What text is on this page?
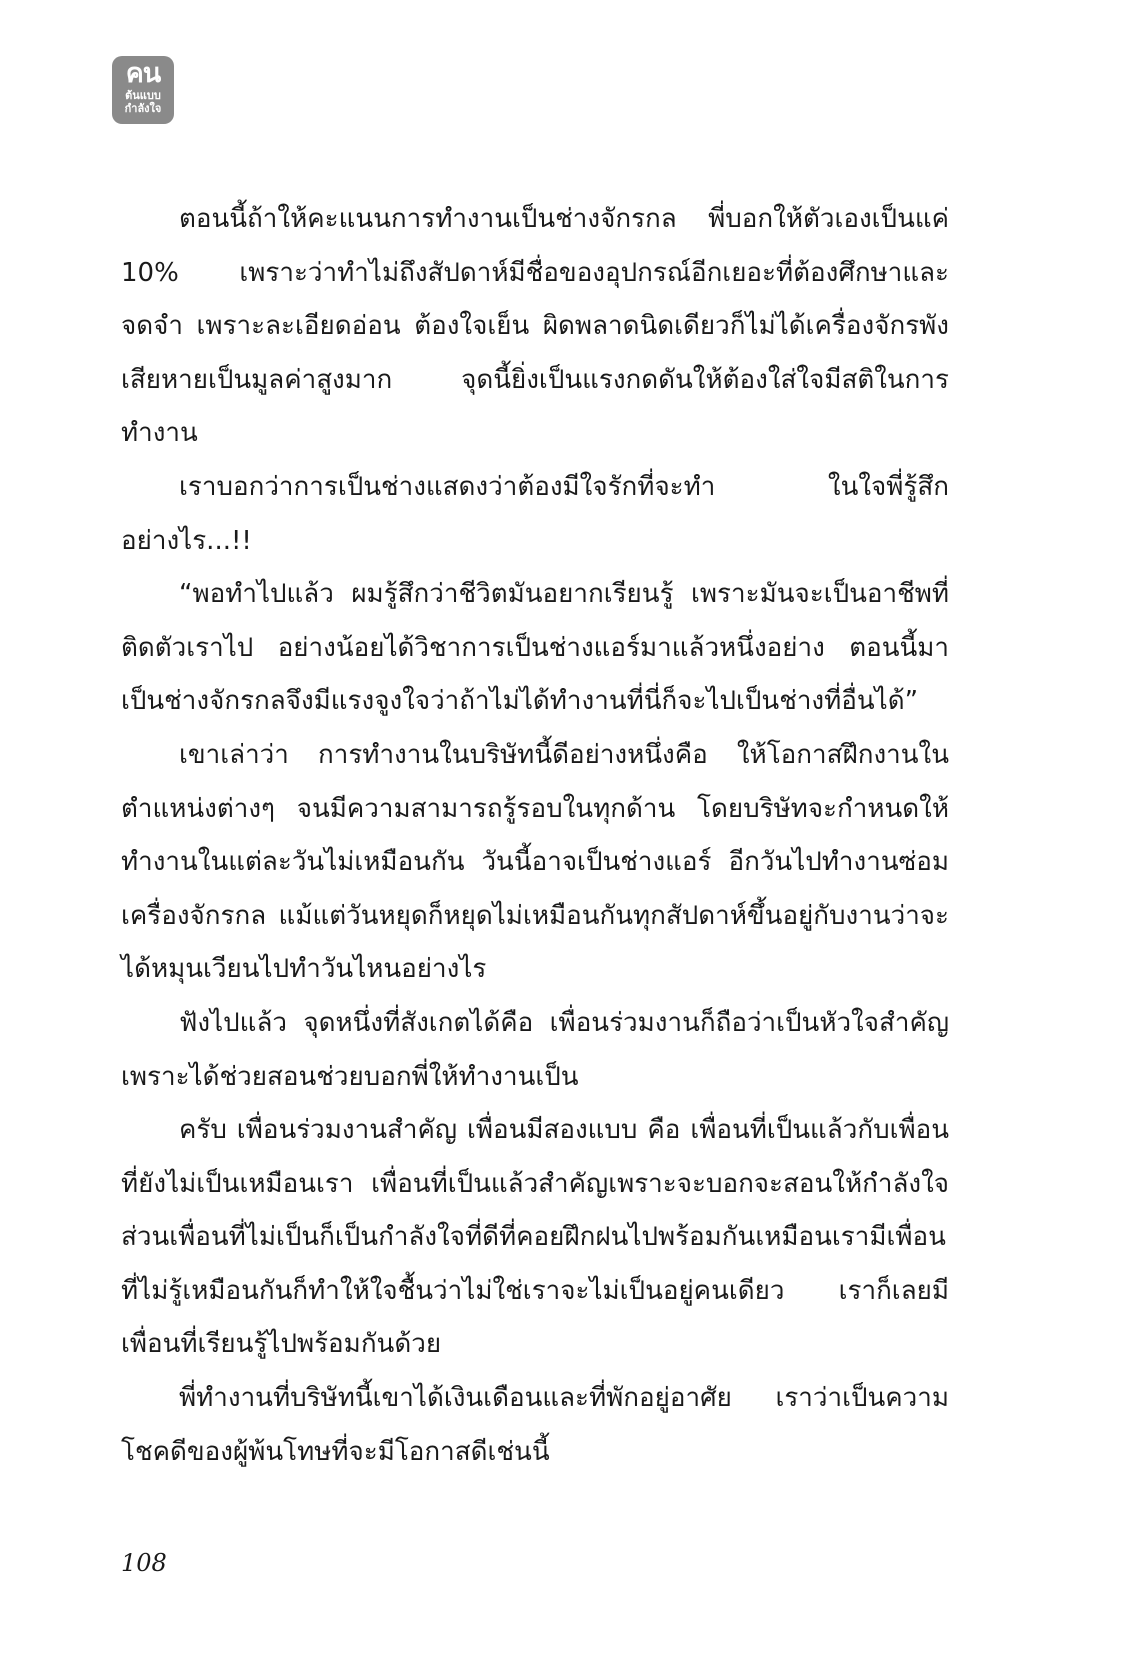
คน
ต้นแบบ
กำลังใจ

ตอนนี้ถ้าให้คะแนนการทำงานเป็นช่างจักรกล พี่บอกให้ตัวเองเป็นแค่ 10% เพราะว่าทำไม่ถึงสัปดาห์มีชื่อของอุปกรณ์อีกเยอะที่ต้องศึกษาและจดจำ เพราะละเอียดอ่อน ต้องใจเย็น ผิดพลาดนิดเดียวก็ไม่ได้เครื่องจักรพังเสียหายเป็นมูลค่าสูงมาก จุดนี้ยิ่งเป็นแรงกดดันให้ต้องใส่ใจมีสติในการทำงาน

เราบอกว่าการเป็นช่างแสดงว่าต้องมีใจรักที่จะทำ ในใจพี่รู้สึกอย่างไร...!!

“พอทำไปแล้ว ผมรู้สึกว่าชีวิตมันอยากเรียนรู้ เพราะมันจะเป็นอาชีพที่ติดตัวเราไป อย่างน้อยได้วิชาการเป็นช่างแอร์มาแล้วหนึ่งอย่าง ตอนนี้มาเป็นช่างจักรกลจึงมีแรงจูงใจว่าถ้าไม่ได้ทำงานที่นี่ก็จะไปเป็นช่างที่อื่นได้”

เขาเล่าว่า การทำงานในบริษัทนี้ดีอย่างหนึ่งคือ ให้โอกาสฝึกงานในตำแหน่งต่างๆ จนมีความสามารถรู้รอบในทุกด้าน โดยบริษัทจะกำหนดให้ทำงานในแต่ละวันไม่เหมือนกัน วันนี้อาจเป็นช่างแอร์ อีกวันไปทำงานซ่อมเครื่องจักรกล แม้แต่วันหยุดก็หยุดไม่เหมือนกันทุกสัปดาห์ขึ้นอยู่กับงานว่าจะได้หมุนเวียนไปทำวันไหนอย่างไร

ฟังไปแล้ว จุดหนึ่งที่สังเกตได้คือ เพื่อนร่วมงานก็ถือว่าเป็นหัวใจสำคัญเพราะได้ช่วยสอนช่วยบอกพี่ให้ทำงานเป็น

ครับ เพื่อนร่วมงานสำคัญ เพื่อนมีสองแบบ คือ เพื่อนที่เป็นแล้วกับเพื่อนที่ยังไม่เป็นเหมือนเรา เพื่อนที่เป็นแล้วสำคัญเพราะจะบอกจะสอนให้กำลังใจ ส่วนเพื่อนที่ไม่เป็นก็เป็นกำลังใจที่ดีที่คอยฝึกฝนไปพร้อมกันเหมือนเรามีเพื่อนที่ไม่รู้เหมือนกันก็ทำให้ใจชื้นว่าไม่ใช่เราจะไม่เป็นอยู่คนเดียว เราก็เลยมีเพื่อนที่เรียนรู้ไปพร้อมกันด้วย

พี่ทำงานที่บริษัทนี้เขาได้เงินเดือนและที่พักอยู่อาศัย เราว่าเป็นความโชคดีของผู้พ้นโทษที่จะมีโอกาสดีเช่นนี้

108
